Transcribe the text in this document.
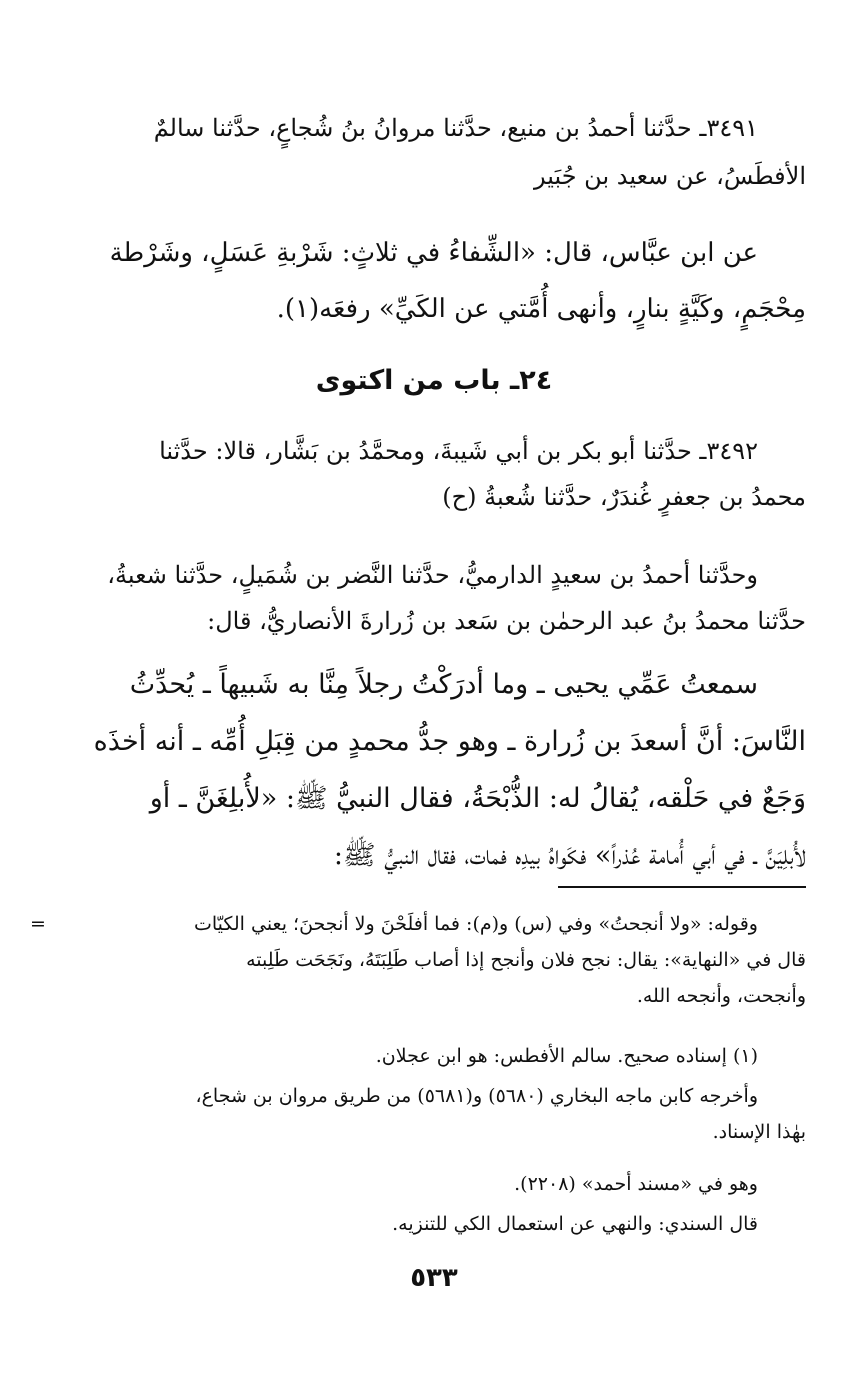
٣٤٩١ـ حدَّثنا أحمدُ بن منيع، حدَّثنا مروانُ بنُ شُجاعٍ، حدَّثنا سالمٌ
الأفطَسُ، عن سعيد بن جُبَير
عن ابن عبَّاس، قال: «الشِّفاءُ في ثلاثٍ: شَرْبةِ عَسَلٍ، وشَرْطة
مِحْجَمٍ، وكَيَّةٍ بنارٍ، وأنهى أُمَّتي عن الكَيِّ» رفعَه(١).
٢٤ـ باب من اكتوى
٣٤٩٢ـ حدَّثنا أبو بكر بن أبي شَيبةَ، ومحمَّدُ بن بَشَّار، قالا: حدَّثنا
محمدُ بن جعفرٍ غُندَرٌ، حدَّثنا شُعبةُ (ح)
وحدَّثنا أحمدُ بن سعيدٍ الدارميُّ، حدَّثنا النَّضر بن شُمَيلٍ، حدَّثنا شعبةُ،
حدَّثنا محمدُ بنُ عبد الرحمٰن بن سَعد بن زُرارةَ الأنصاريُّ، قال:
سمعتُ عَمِّي يحيى ـ وما أدرَكْتُ رجلاً مِنَّا به شَبيهاً ـ يُحدِّثُ
النَّاسَ: أنَّ أسعدَ بن زُرارة ـ وهو جدُّ محمدٍ من قِبَلِ أُمِّه ـ أنه أخذَه
وَجَعٌ في حَلْقه، يُقالُ له: الذُّبْحَةُ، فقال النبيُّ ﷺ: «لأُبلِغَنَّ ـ أو
لأُبلِيَنَّ ـ في أبي أُمامة عُذراً» فكَواهُ بيدِه فمات، فقال النبيُّ ﷺ:
=	وقوله: «ولا أنجحتُ» وفي (س) و(م): فما أفلَحْنَ ولا أنجحنَ؛ يعني الكيّات
قال في «النهاية»: يقال: نجح فلان وأنجح إذا أصاب طَلِبَتَهُ، ونَجَحَت طَلِبته
وأنجحت، وأنجحه الله.
(١) إسناده صحيح. سالم الأفطس: هو ابن عجلان.
وأخرجه كابن ماجه البخاري (٥٦٨٠) و(٥٦٨١) من طريق مروان بن شجاع،
بهٰذا الإسناد.
وهو في «مسند أحمد» (٢٢٠٨).
قال السندي: والنهي عن استعمال الكي للتنزيه.

٥٣٣
